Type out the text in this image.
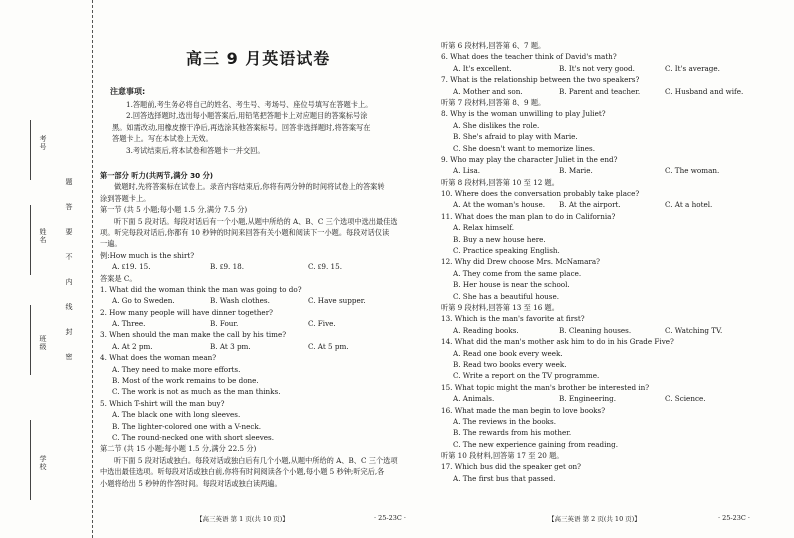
考号
姓名
班级
学校
题
答
要
不
内
线
封
密
高三 9 月英语试卷
注意事项:
1.答题前,考生务必将自己的姓名、考生号、考场号、座位号填写在答题卡上。
2.回答选择题时,选出每小题答案后,用铅笔把答题卡上对应题目的答案标号涂
黑。如需改动,用橡皮擦干净后,再选涂其他答案标号。回答非选择题时,将答案写在
答题卡上。写在本试卷上无效。
3.考试结束后,将本试卷和答题卡一并交回。
第一部分 听力(共两节,满分 30 分)
做题时,先将答案标在试卷上。录音内容结束后,你将有两分钟的时间将试卷上的答案转
涂到答题卡上。
第一节 (共 5 小题;每小题 1.5 分,满分 7.5 分)
听下面 5 段对话。每段对话后有一个小题,从题中所给的 A、B、C 三个选项中选出最佳选
项。听完每段对话后,你都有 10 秒钟的时间来回答有关小题和阅读下一小题。每段对话仅读
一遍。
例:How much is the shirt?
A. ₤19. 15.	B. ₤9. 18.	C. ₤9. 15.
答案是 C。
1. What did the woman think the man was going to do?
A. Go to Sweden.	B. Wash clothes.	C. Have supper.
2. How many people will have dinner together?
A. Three.	B. Four.	C. Five.
3. When should the man make the call by his time?
A. At 2 pm.	B. At 3 pm.	C. At 5 pm.
4. What does the woman mean?
A. They need to make more efforts.
B. Most of the work remains to be done.
C. The work is not as much as the man thinks.
5. Which T-shirt will the man buy?
A. The black one with long sleeves.
B. The lighter-colored one with a V-neck.
C. The round-necked one with short sleeves.
第二节 (共 15 小题;每小题 1.5 分,满分 22.5 分)
听下面 5 段对话或独白。每段对话或独白后有几个小题,从题中所给的 A、B、C 三个选项
中选出最佳选项。听每段对话或独白前,你将有时间阅读各个小题,每小题 5 秒钟;听完后,各
小题将给出 5 秒钟的作答时间。每段对话或独白读两遍。
听第 6 段材料,回答第 6、7 题。
6. What does the teacher think of David's math?
A. It's excellent.	B. It's not very good.	C. It's average.
7. What is the relationship between the two speakers?
A. Mother and son.	B. Parent and teacher.	C. Husband and wife.
听第 7 段材料,回答第 8、9 题。
8. Why is the woman unwilling to play Juliet?
A. She dislikes the role.
B. She's afraid to play with Marie.
C. She doesn't want to memorize lines.
9. Who may play the character Juliet in the end?
A. Lisa.	B. Marie.	C. The woman.
听第 8 段材料,回答第 10 至 12 题。
10. Where does the conversation probably take place?
A. At the woman's house.	B. At the airport.	C. At a hotel.
11. What does the man plan to do in California?
A. Relax himself.
B. Buy a new house here.
C. Practice speaking English.
12. Why did Drew choose Mrs. McNamara?
A. They come from the same place.
B. Her house is near the school.
C. She has a beautiful house.
听第 9 段材料,回答第 13 至 16 题。
13. Which is the man's favorite at first?
A. Reading books.	B. Cleaning houses.	C. Watching TV.
14. What did the man's mother ask him to do in his Grade Five?
A. Read one book every week.
B. Read two books every week.
C. Write a report on the TV programme.
15. What topic might the man's brother be interested in?
A. Animals.	B. Engineering.	C. Science.
16. What made the man begin to love books?
A. The reviews in the books.
B. The rewards from his mother.
C. The new experience gaining from reading.
听第 10 段材料,回答第 17 至 20 题。
17. Which bus did the speaker get on?
A. The first bus that passed.
【高三英语 第 1 页(共 10 页)】	· 25-23C ·	【高三英语 第 2 页(共 10 页)】	· 25-23C ·
